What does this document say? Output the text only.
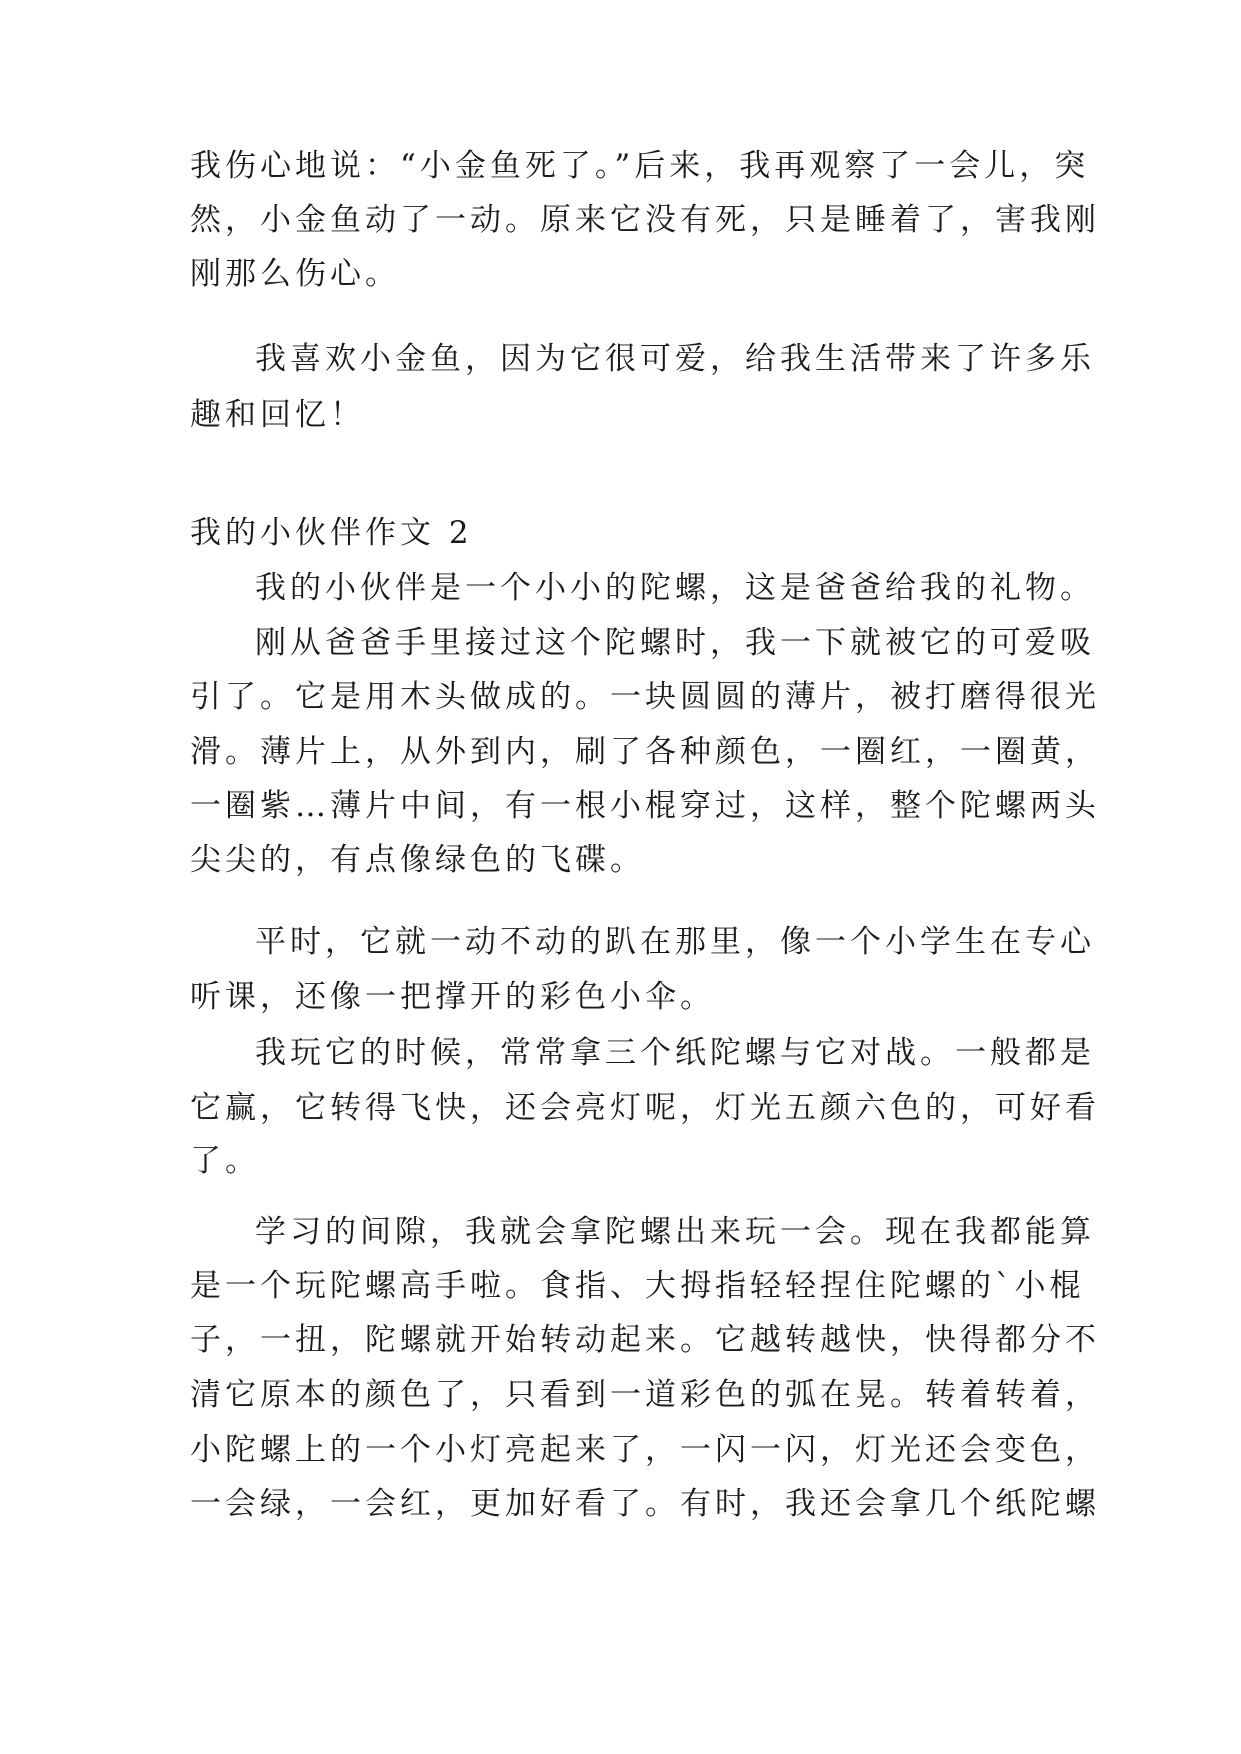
我伤心地说：“小金鱼死了。”后来，我再观察了一会儿，突
然，小金鱼动了一动。原来它没有死，只是睡着了，害我刚
刚那么伤心。
我喜欢小金鱼，因为它很可爱，给我生活带来了许多乐
趣和回忆！
我的小伙伴作文 2
我的小伙伴是一个小小的陀螺，这是爸爸给我的礼物。
刚从爸爸手里接过这个陀螺时，我一下就被它的可爱吸
引了。它是用木头做成的。一块圆圆的薄片，被打磨得很光
滑。薄片上，从外到内，刷了各种颜色，一圈红，一圈黄，
一圈紫…薄片中间，有一根小棍穿过，这样，整个陀螺两头
尖尖的，有点像绿色的飞碟。
平时，它就一动不动的趴在那里，像一个小学生在专心
听课，还像一把撑开的彩色小伞。
我玩它的时候，常常拿三个纸陀螺与它对战。一般都是
它赢，它转得飞快，还会亮灯呢，灯光五颜六色的，可好看
了。
学习的间隙，我就会拿陀螺出来玩一会。现在我都能算
是一个玩陀螺高手啦。食指、大拇指轻轻捏住陀螺的`小棍
子，一扭，陀螺就开始转动起来。它越转越快，快得都分不
清它原本的颜色了，只看到一道彩色的弧在晃。转着转着，
小陀螺上的一个小灯亮起来了，一闪一闪，灯光还会变色，
一会绿，一会红，更加好看了。有时，我还会拿几个纸陀螺
